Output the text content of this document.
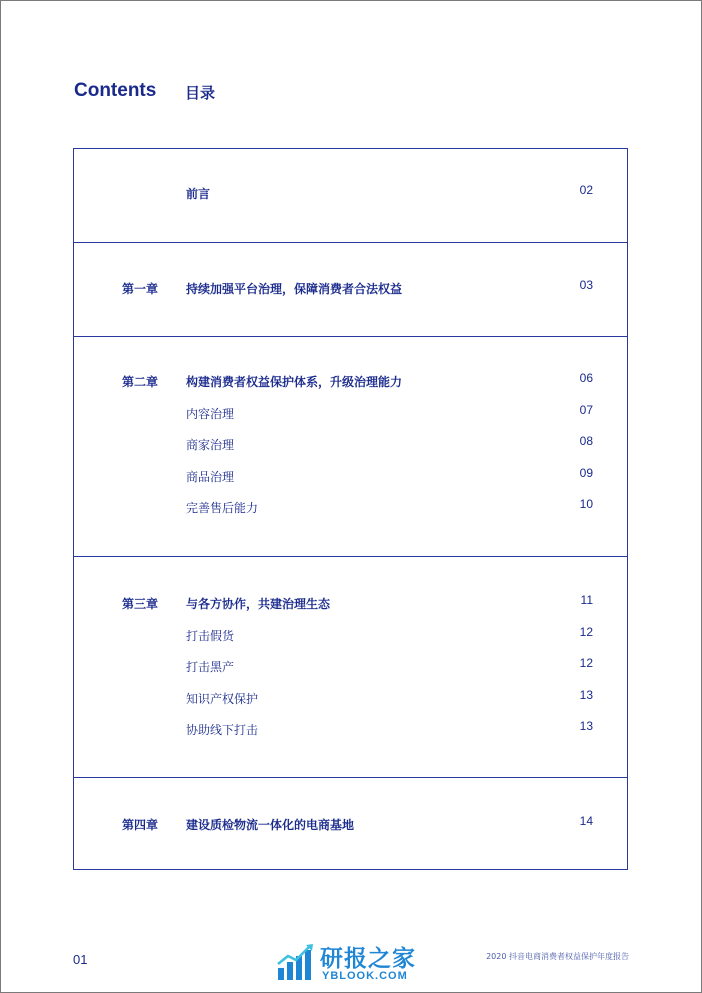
Contents 目录
前言	02
第一章 持续加强平台治理，保障消费者合法权益	03
第二章 构建消费者权益保护体系，升级治理能力	06
内容治理	07
商家治理	08
商品治理	09
完善售后能力	10
第三章 与各方协作，共建治理生态	11
打击假货	12
打击黑产	12
知识产权保护	13
协助线下打击	13
第四章 建设质检物流一体化的电商基地	14
01	研报之家
YBLOOK.COM
2020 抖音电商消费者权益保护年度报告
